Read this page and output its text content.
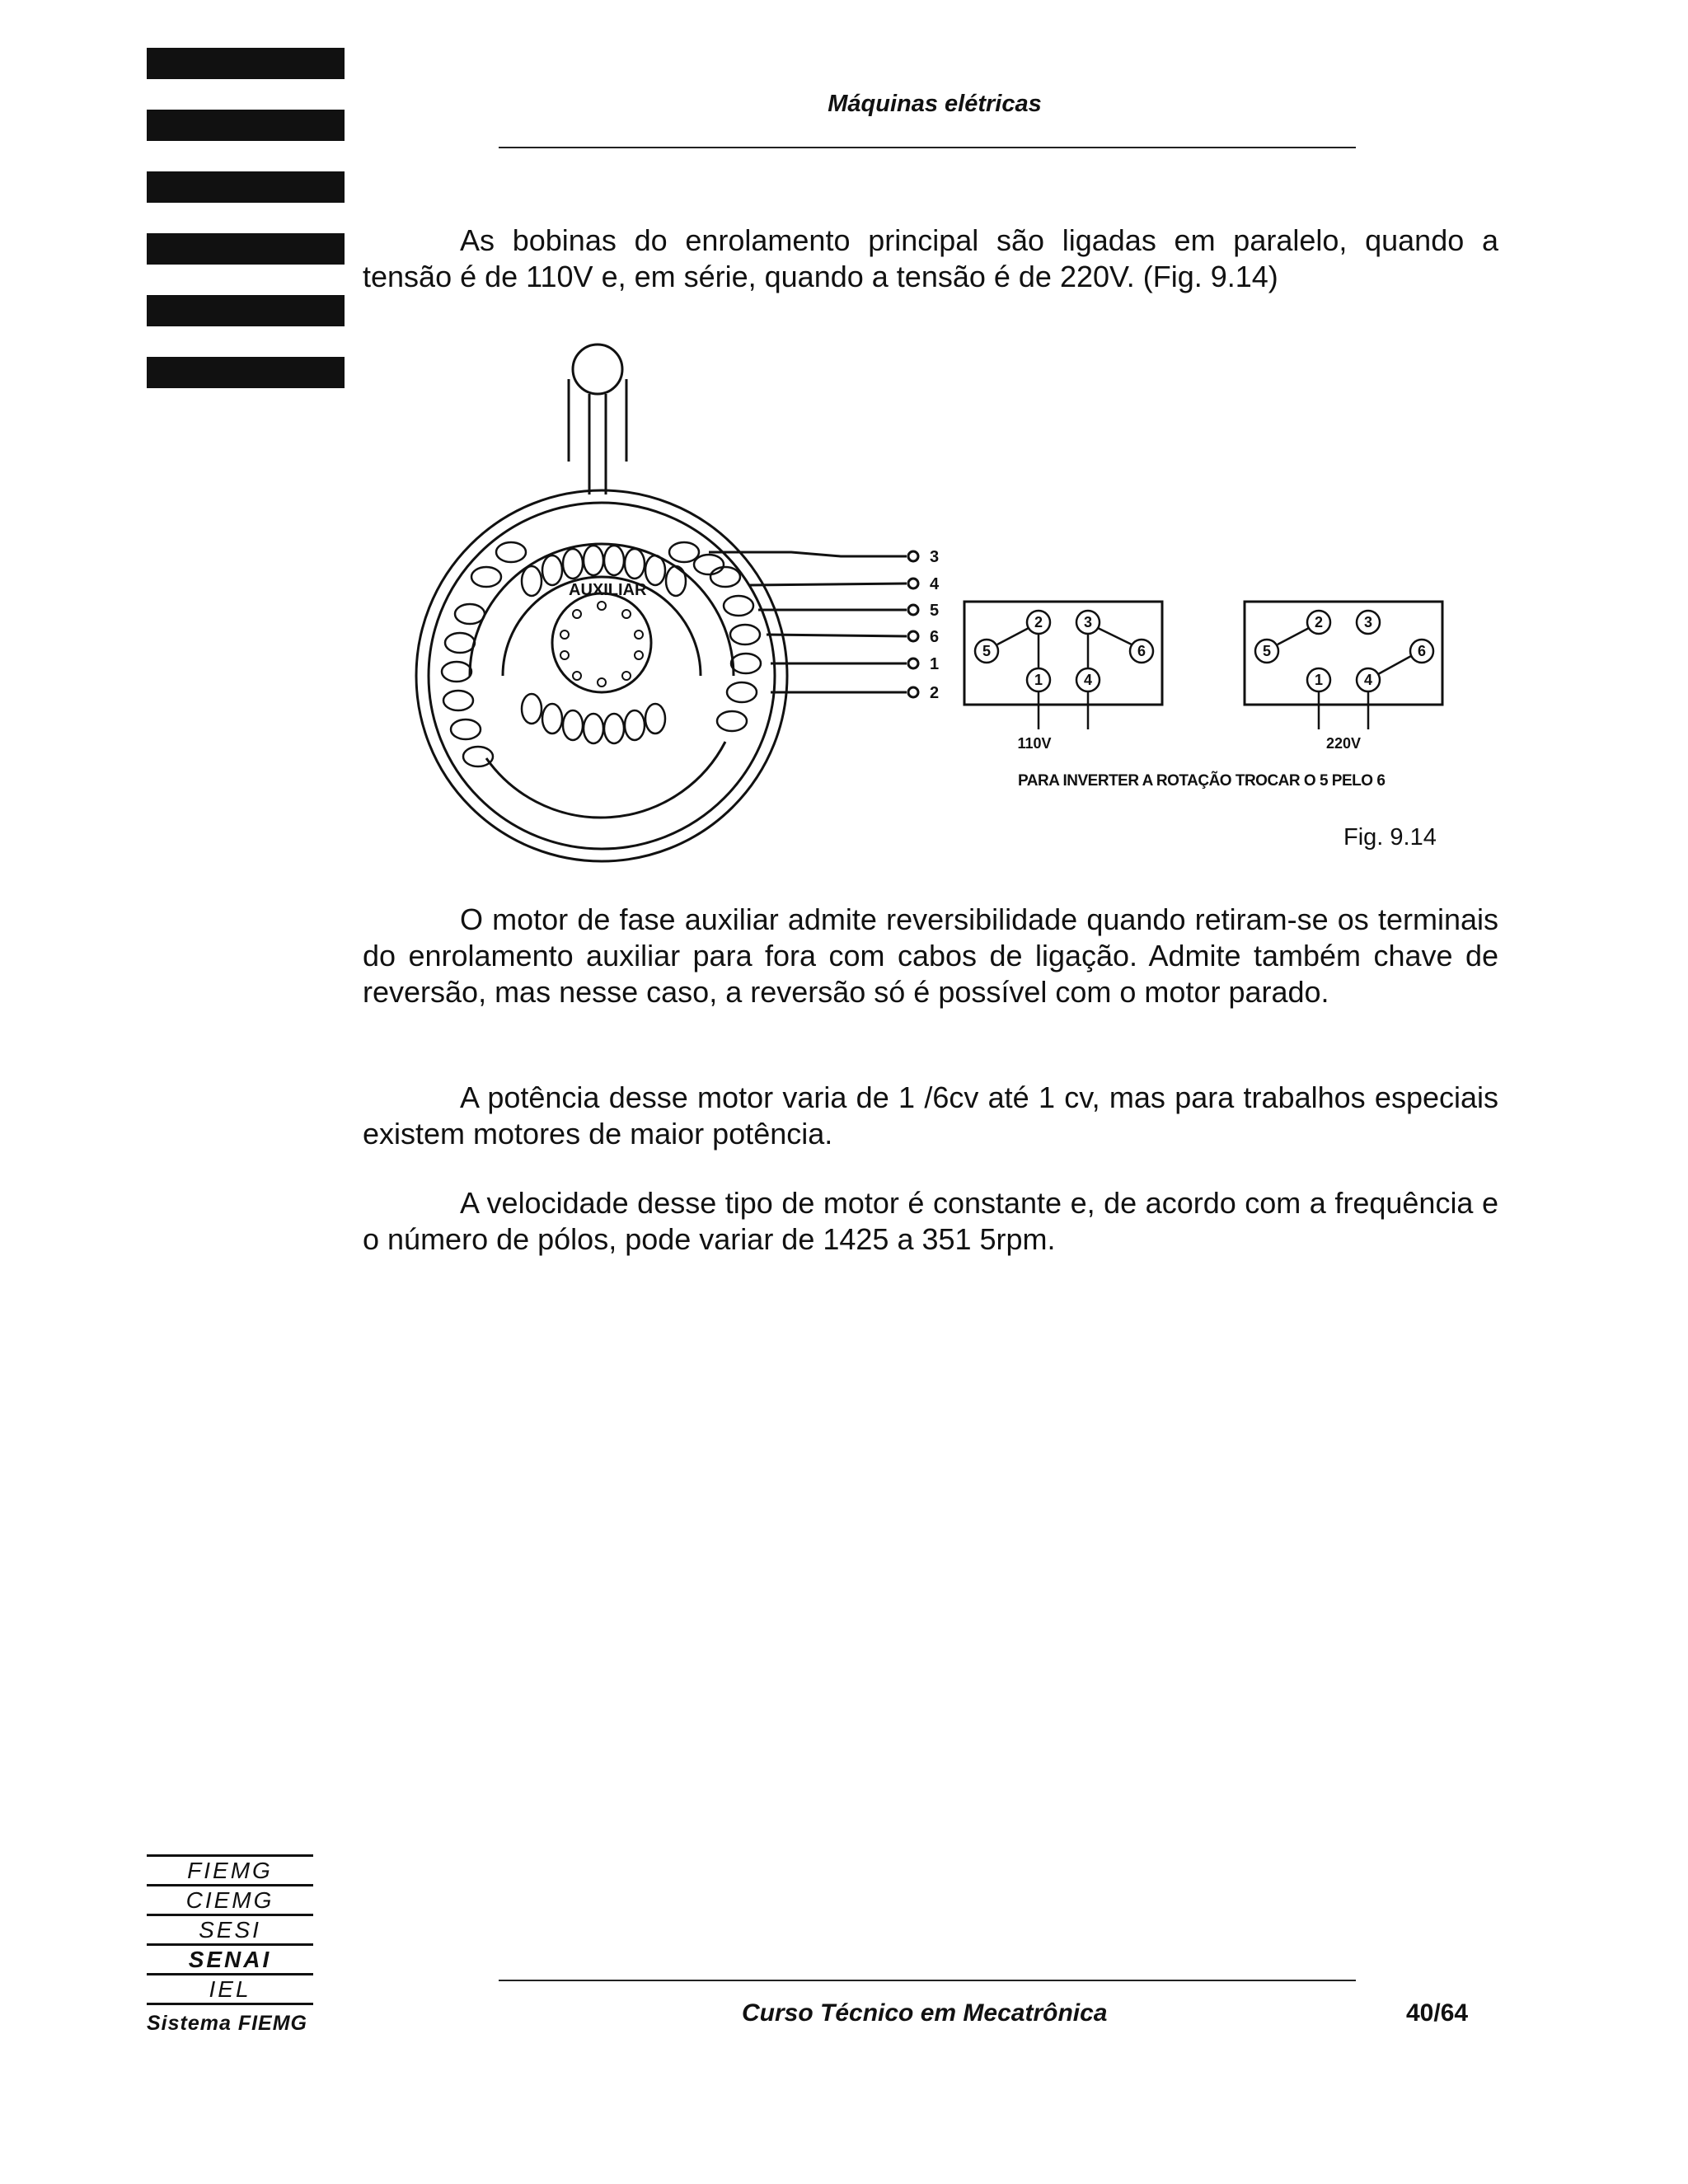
Máquinas elétricas

As bobinas do enrolamento principal são ligadas em paralelo, quando a tensão é de 110V e, em série, quando a tensão é de 220V. (Fig. 9.14)

AUXILIAR
3
4
5
6
1
2
2	3
5	6
1	4
110V
2	3
5	6
1	4
220V
PARA INVERTER A ROTAÇÃO TROCAR O 5 PELO 6
Fig. 9.14

O motor de fase auxiliar admite reversibilidade quando retiram-se os terminais do enrolamento auxiliar para fora com cabos de ligação. Admite também chave de reversão, mas nesse caso, a reversão só é possível com o motor parado.

A potência desse motor varia de 1 /6cv até 1 cv, mas para trabalhos especiais existem motores de maior potência.

A velocidade desse tipo de motor é constante e, de acordo com a frequência e o número de pólos, pode variar de 1425 a 351 5rpm.

FIEMG
CIEMG
SESI
SENAI
IEL
Sistema FIEMG	Curso Técnico em Mecatrônica	40/64
